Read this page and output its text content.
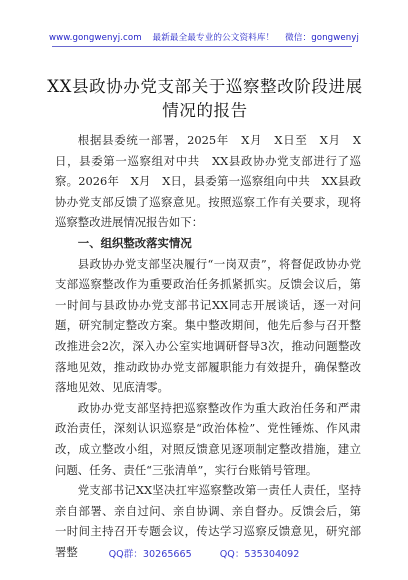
www.gongwenyj.com 最新最全最专业的公文资料库！ 微信：gongwenyj
XX县政协办党支部关于巡察整改阶段进展情况的报告

根据县委统一部署，2025年　X月　X日至　X月　X日，县委第一巡察组对中共　XX县政协办党支部进行了巡察。2026年　X月　X日，县委第一巡察组向中共　XX县政协办党支部反馈了巡察意见。按照巡察工作有关要求，现将巡察整改进展情况报告如下：

一、组织整改落实情况

县政协办党支部坚决履行“一岗双责”，将督促政协办党支部巡察整改作为重要政治任务抓紧抓实。反馈会议后，第一时间与县政协办党支部书记XX同志开展谈话，逐一对问题，研究制定整改方案。集中整改期间，他先后参与召开整改推进会2次，深入办公室实地调研督导3次，推动问题整改落地见效，推动政协办党支部履职能力有效提升，确保整改落地见效、见底清零。

政协办党支部坚持把巡察整改作为重大政治任务和严肃政治责任，深刻认识巡察是“政治体检”、党性锤炼、作风肃改，成立整改小组，对照反馈意见逐项制定整改措施，建立问题、任务、责任“三张清单”，实行台账销号管理。

党支部书记XX坚决扛牢巡察整改第一责任人责任，坚持亲自部署、亲自过问、亲自协调、亲自督办。反馈会后，第一时间主持召开专题会议，传达学习巡察反馈意见，研究部署整	QQ群：30265665	QQ：535304092
